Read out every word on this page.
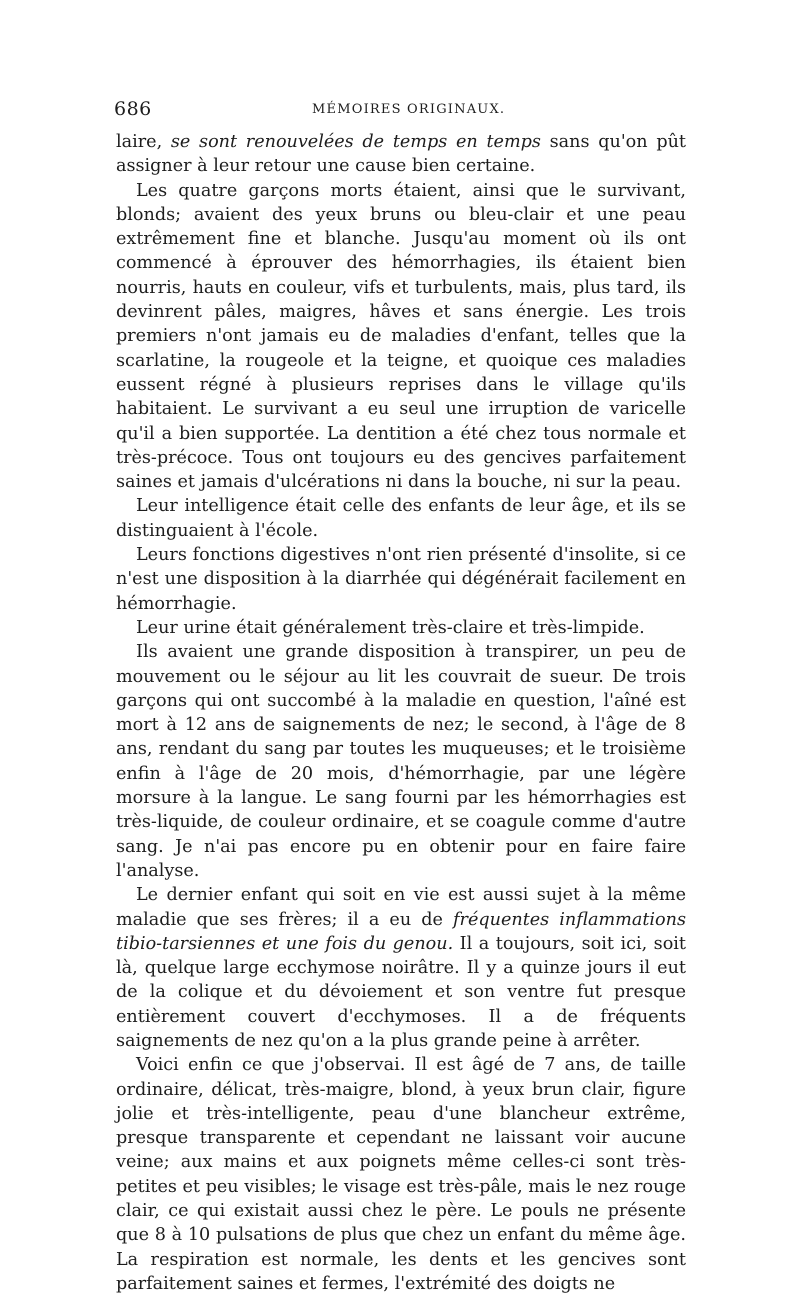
686	MÉMOIRES ORIGINAUX.

laire, se sont renouvelées de temps en temps sans qu'on pût assigner à leur retour une cause bien certaine.

Les quatre garçons morts étaient, ainsi que le survivant, blonds; avaient des yeux bruns ou bleu-clair et une peau extrêmement fine et blanche. Jusqu'au moment où ils ont commencé à éprouver des hémorrhagies, ils étaient bien nourris, hauts en couleur, vifs et turbulents, mais, plus tard, ils devinrent pâles, maigres, hâves et sans énergie. Les trois premiers n'ont jamais eu de maladies d'enfant, telles que la scarlatine, la rougeole et la teigne, et quoique ces maladies eussent régné à plusieurs reprises dans le village qu'ils habitaient. Le survivant a eu seul une irruption de varicelle qu'il a bien supportée. La dentition a été chez tous normale et très-précoce. Tous ont toujours eu des gencives parfaitement saines et jamais d'ulcérations ni dans la bouche, ni sur la peau.

Leur intelligence était celle des enfants de leur âge, et ils se distinguaient à l'école.

Leurs fonctions digestives n'ont rien présenté d'insolite, si ce n'est une disposition à la diarrhée qui dégénérait facilement en hémorrhagie.

Leur urine était généralement très-claire et très-limpide.

Ils avaient une grande disposition à transpirer, un peu de mouvement ou le séjour au lit les couvrait de sueur. De trois garçons qui ont succombé à la maladie en question, l'aîné est mort à 12 ans de saignements de nez; le second, à l'âge de 8 ans, rendant du sang par toutes les muqueuses; et le troisième enfin à l'âge de 20 mois, d'hémorrhagie, par une légère morsure à la langue. Le sang fourni par les hémorrhagies est très-liquide, de couleur ordinaire, et se coagule comme d'autre sang. Je n'ai pas encore pu en obtenir pour en faire faire l'analyse.

Le dernier enfant qui soit en vie est aussi sujet à la même maladie que ses frères; il a eu de fréquentes inflammations tibio-tarsiennes et une fois du genou. Il a toujours, soit ici, soit là, quelque large ecchymose noirâtre. Il y a quinze jours il eut de la colique et du dévoiement et son ventre fut presque entièrement couvert d'ecchymoses. Il a de fréquents saignements de nez qu'on a la plus grande peine à arrêter.

Voici enfin ce que j'observai. Il est âgé de 7 ans, de taille ordinaire, délicat, très-maigre, blond, à yeux brun clair, figure jolie et très-intelligente, peau d'une blancheur extrême, presque transparente et cependant ne laissant voir aucune veine; aux mains et aux poignets même celles-ci sont très-petites et peu visibles; le visage est très-pâle, mais le nez rouge clair, ce qui existait aussi chez le père. Le pouls ne présente que 8 à 10 pulsations de plus que chez un enfant du même âge. La respiration est normale, les dents et les gencives sont parfaitement saines et fermes, l'extrémité des doigts ne
